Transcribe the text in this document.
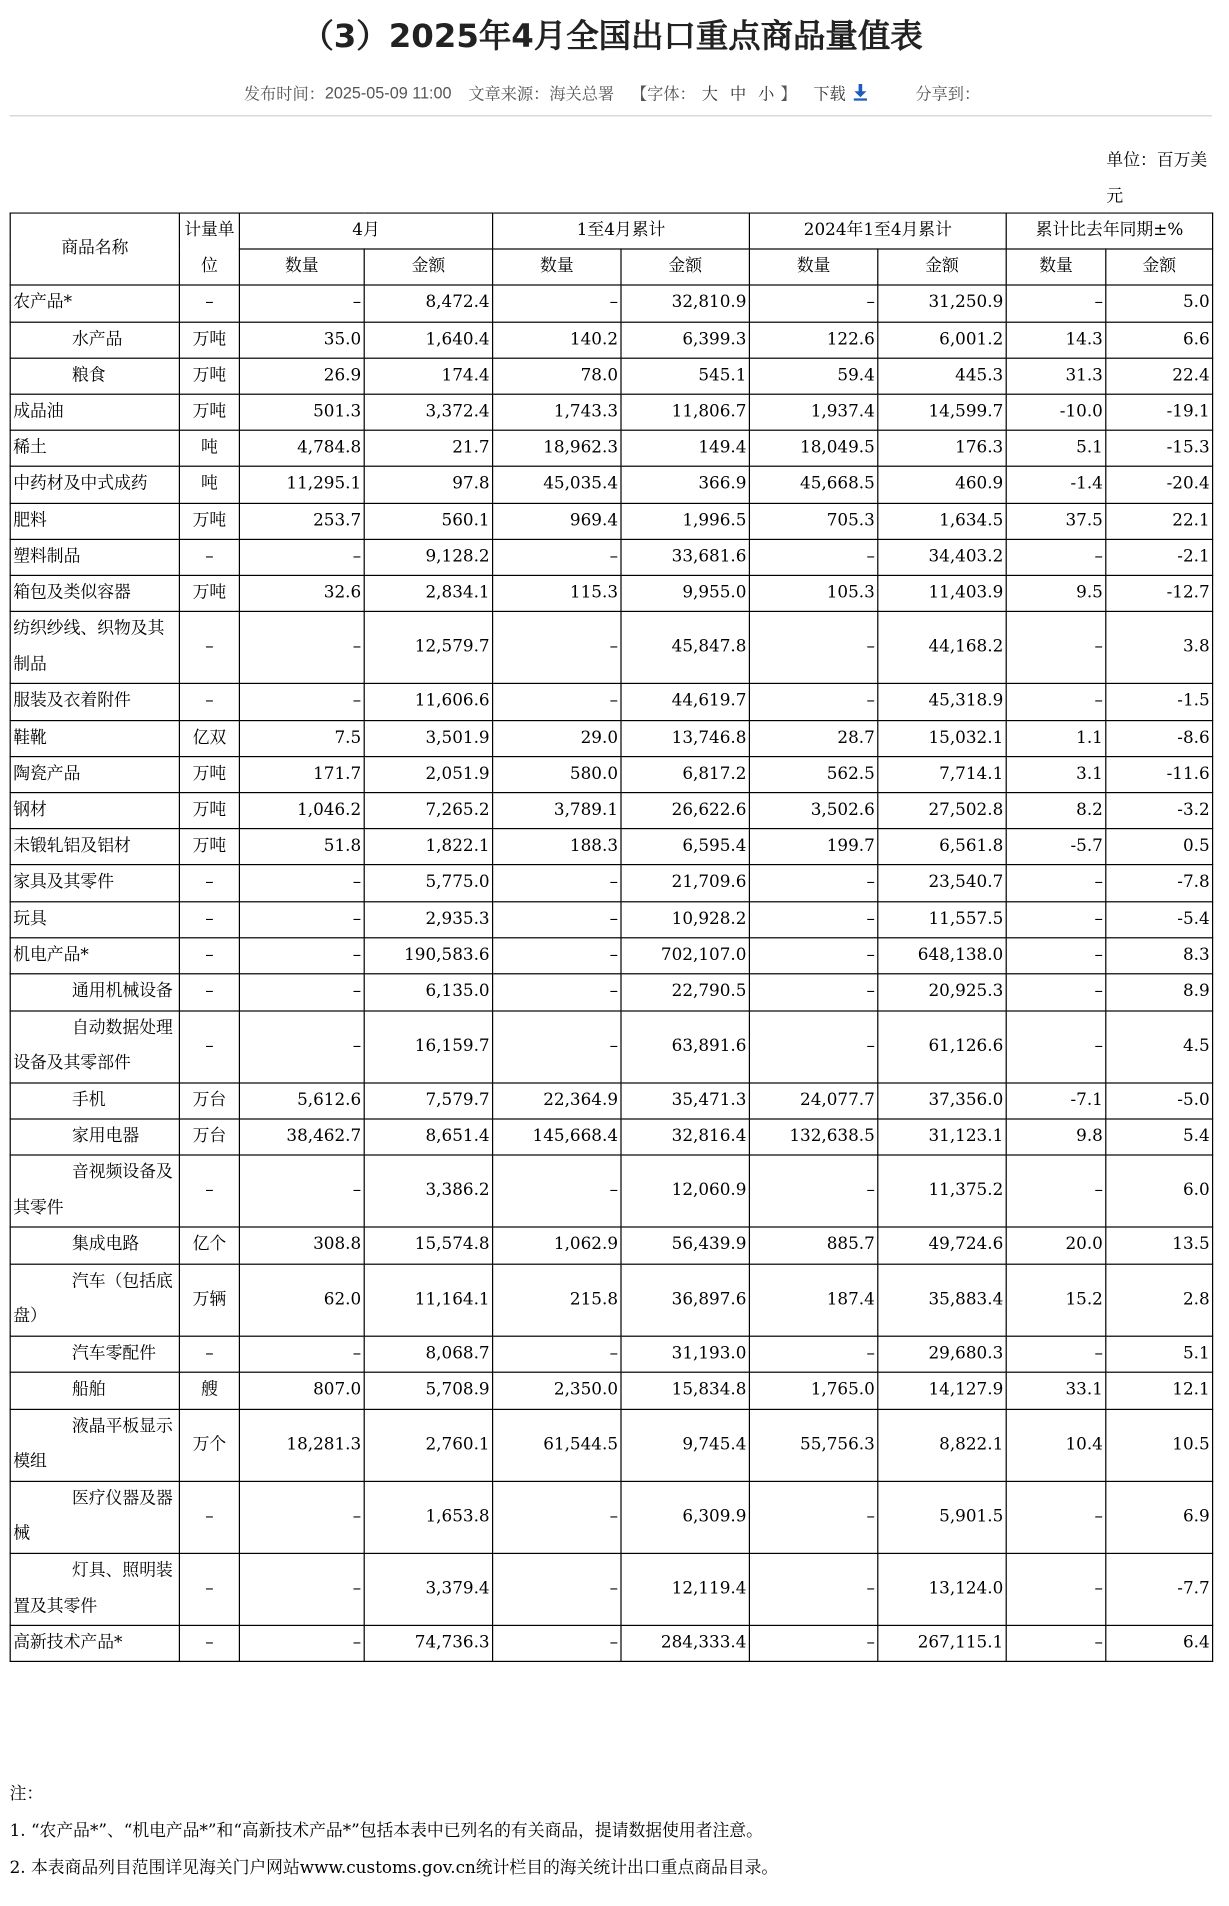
（3）2025年4月全国出口重点商品量值表
发布时间：2025-05-09 11:00 文章来源：海关总署 【字体： 大 中 小 】 下载	分享到：
单位：百万美元
商品名称	计量单位	4月		1至4月累计		2024年1至4月累计		累计比去年同期±%	
		数量	金额	数量	金额	数量	金额	数量	金额
农产品*	–	–	8,472.4	–	32,810.9	–	31,250.9	–	5.0
水产品	万吨	35.0	1,640.4	140.2	6,399.3	122.6	6,001.2	14.3	6.6
粮食	万吨	26.9	174.4	78.0	545.1	59.4	445.3	31.3	22.4
成品油	万吨	501.3	3,372.4	1,743.3	11,806.7	1,937.4	14,599.7	-10.0	-19.1
稀土	吨	4,784.8	21.7	18,962.3	149.4	18,049.5	176.3	5.1	-15.3
中药材及中式成药	吨	11,295.1	97.8	45,035.4	366.9	45,668.5	460.9	-1.4	-20.4
肥料	万吨	253.7	560.1	969.4	1,996.5	705.3	1,634.5	37.5	22.1
塑料制品	–	–	9,128.2	–	33,681.6	–	34,403.2	–	-2.1
箱包及类似容器	万吨	32.6	2,834.1	115.3	9,955.0	105.3	11,403.9	9.5	-12.7
纺织纱线、织物及其制品	–	–	12,579.7	–	45,847.8	–	44,168.2	–	3.8
服装及衣着附件	–	–	11,606.6	–	44,619.7	–	45,318.9	–	-1.5
鞋靴	亿双	7.5	3,501.9	29.0	13,746.8	28.7	15,032.1	1.1	-8.6
陶瓷产品	万吨	171.7	2,051.9	580.0	6,817.2	562.5	7,714.1	3.1	-11.6
钢材	万吨	1,046.2	7,265.2	3,789.1	26,622.6	3,502.6	27,502.8	8.2	-3.2
未锻轧铝及铝材	万吨	51.8	1,822.1	188.3	6,595.4	199.7	6,561.8	-5.7	0.5
家具及其零件	–	–	5,775.0	–	21,709.6	–	23,540.7	–	-7.8
玩具	–	–	2,935.3	–	10,928.2	–	11,557.5	–	-5.4
机电产品*	–	–	190,583.6	–	702,107.0	–	648,138.0	–	8.3
通用机械设备	–	–	6,135.0	–	22,790.5	–	20,925.3	–	8.9
自动数据处理设备及其零部件	–	–	16,159.7	–	63,891.6	–	61,126.6	–	4.5
手机	万台	5,612.6	7,579.7	22,364.9	35,471.3	24,077.7	37,356.0	-7.1	-5.0
家用电器	万台	38,462.7	8,651.4	145,668.4	32,816.4	132,638.5	31,123.1	9.8	5.4
音视频设备及其零件	–	–	3,386.2	–	12,060.9	–	11,375.2	–	6.0
集成电路	亿个	308.8	15,574.8	1,062.9	56,439.9	885.7	49,724.6	20.0	13.5
汽车（包括底盘）	万辆	62.0	11,164.1	215.8	36,897.6	187.4	35,883.4	15.2	2.8
汽车零配件	–	–	8,068.7	–	31,193.0	–	29,680.3	–	5.1
船舶	艘	807.0	5,708.9	2,350.0	15,834.8	1,765.0	14,127.9	33.1	12.1
液晶平板显示模组	万个	18,281.3	2,760.1	61,544.5	9,745.4	55,756.3	8,822.1	10.4	10.5
医疗仪器及器械	–	–	1,653.8	–	6,309.9	–	5,901.5	–	6.9
灯具、照明装置及其零件	–	–	3,379.4	–	12,119.4	–	13,124.0	–	-7.7
高新技术产品*	–	–	74,736.3	–	284,333.4	–	267,115.1	–	6.4
注：
1. “农产品*”、“机电产品*”和“高新技术产品*”包括本表中已列名的有关商品，提请数据使用者注意。
2. 本表商品列目范围详见海关门户网站www.customs.gov.cn统计栏目的海关统计出口重点商品目录。
